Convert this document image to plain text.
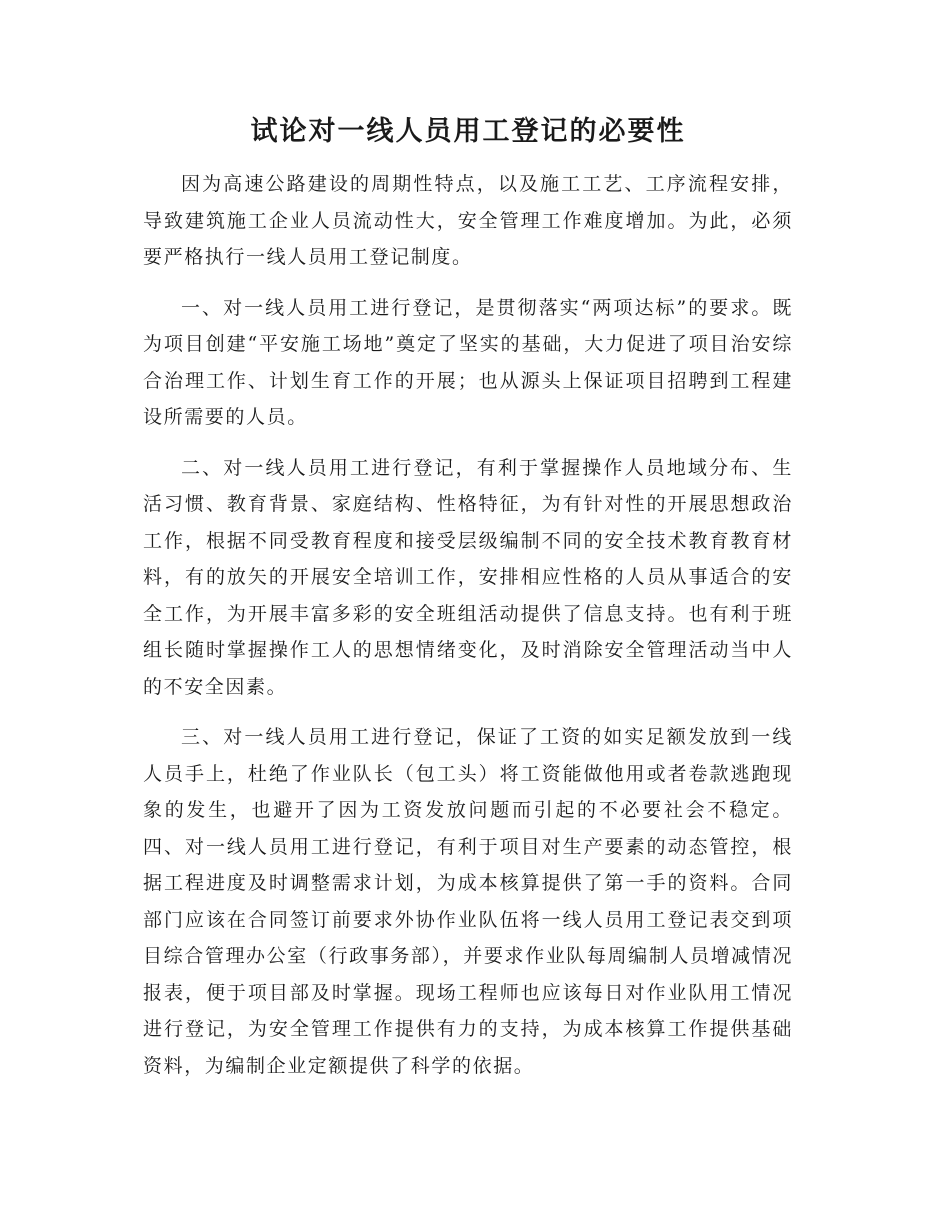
试论对一线人员用工登记的必要性

因为高速公路建设的周期性特点，以及施工工艺、工序流程安排，导致建筑施工企业人员流动性大，安全管理工作难度增加。为此，必须要严格执行一线人员用工登记制度。

一、对一线人员用工进行登记，是贯彻落实“两项达标”的要求。既为项目创建“平安施工场地”奠定了坚实的基础，大力促进了项目治安综合治理工作、计划生育工作的开展；也从源头上保证项目招聘到工程建设所需要的人员。

二、对一线人员用工进行登记，有利于掌握操作人员地域分布、生活习惯、教育背景、家庭结构、性格特征，为有针对性的开展思想政治工作，根据不同受教育程度和接受层级编制不同的安全技术教育教育材料，有的放矢的开展安全培训工作，安排相应性格的人员从事适合的安全工作，为开展丰富多彩的安全班组活动提供了信息支持。也有利于班组长随时掌握操作工人的思想情绪变化，及时消除安全管理活动当中人的不安全因素。

三、对一线人员用工进行登记，保证了工资的如实足额发放到一线人员手上，杜绝了作业队长（包工头）将工资能做他用或者卷款逃跑现象的发生，也避开了因为工资发放问题而引起的不必要社会不稳定。四、对一线人员用工进行登记，有利于项目对生产要素的动态管控，根据工程进度及时调整需求计划，为成本核算提供了第一手的资料。合同部门应该在合同签订前要求外协作业队伍将一线人员用工登记表交到项目综合管理办公室（行政事务部），并要求作业队每周编制人员增减情况报表，便于项目部及时掌握。现场工程师也应该每日对作业队用工情况进行登记，为安全管理工作提供有力的支持，为成本核算工作提供基础资料，为编制企业定额提供了科学的依据。
